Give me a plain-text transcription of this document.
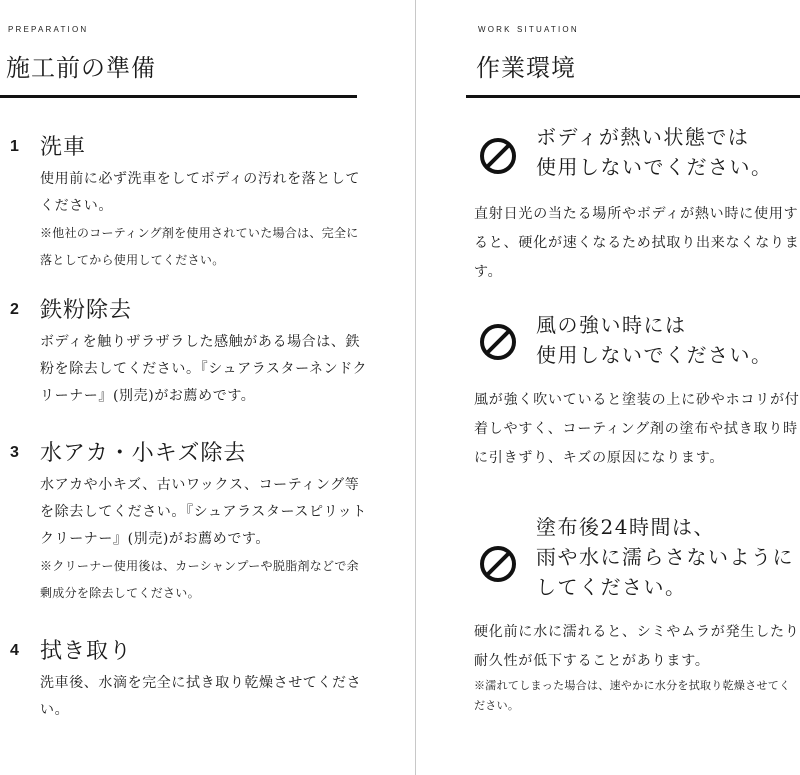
preparation
施工前の準備
1 洗車
使用前に必ず洗車をしてボディの汚れを落としてください。
※他社のコーティング剤を使用されていた場合は、完全に落としてから使用してください。
2 鉄粉除去
ボディを触りザラザラした感触がある場合は、鉄粉を除去してください。『シュアラスターネンドクリーナー』(別売)がお薦めです。
3 水アカ・小キズ除去
水アカや小キズ、古いワックス、コーティング等を除去してください。『シュアラスタースピリットクリーナー』(別売)がお薦めです。
※クリーナー使用後は、カーシャンプーや脱脂剤などで余剰成分を除去してください。
4 拭き取り
洗車後、水滴を完全に拭き取り乾燥させてください。
work situation
作業環境
ボディが熱い状態では
使用しないでください。
直射日光の当たる場所やボディが熱い時に使用すると、硬化が速くなるため拭取り出来なくなります。
風の強い時には
使用しないでください。
風が強く吹いていると塗装の上に砂やホコリが付着しやすく、コーティング剤の塗布や拭き取り時に引きずり、キズの原因になります。
塗布後24時間は、
雨や水に濡らさないように
してください。
硬化前に水に濡れると、シミやムラが発生したり耐久性が低下することがあります。
※濡れてしまった場合は、速やかに水分を拭取り乾燥させてください。
